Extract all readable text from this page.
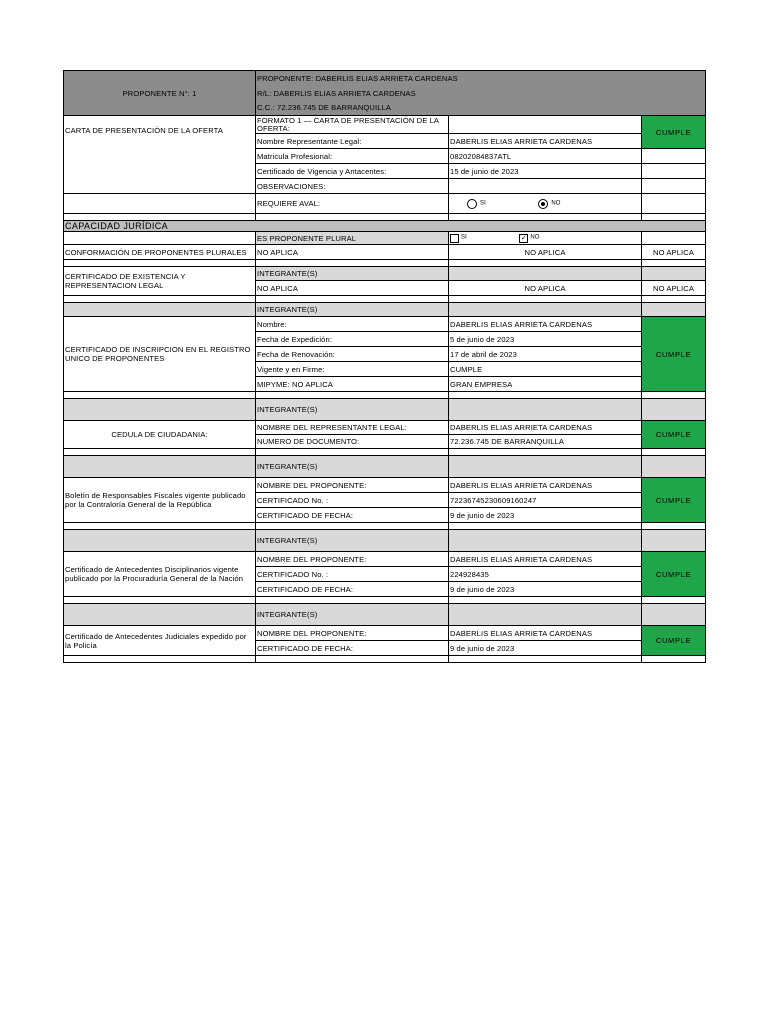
PROPONENTE N°: 1	PROPONENTE: DABERLIS ELIAS ARRIETA CARDENAS		
	R/L: DABERLIS ELIAS ARRIETA CARDENAS		
	C.C.: 72.236.745 DE BARRANQUILLA		
CARTA DE PRESENTACIÓN DE LA OFERTA	FORMATO 1 — CARTA DE PRESENTACIÓN DE LA OFERTA:		CUMPLE
	Nombre Representante Legal:	DABERLIS ELIAS ARRIETA CARDENAS	
	Matricula Profesional:	08202084837ATL	
	Certificado de Vigencia y Antacentes:	15 de junio de 2023	
	OBSERVACIONES:		
	REQUIERE AVAL:	SI NO	

CAPACIDAD JURÍDICA			
	ES PROPONENTE PLURAL	SI ✓ NO	
CONFORMACIÓN DE PROPONENTES PLURALES	NO APLICA	NO APLICA	NO APLICA

CERTIFICADO DE EXISTENCIA Y REPRESENTACION LEGAL	INTEGRANTE(S)		
	NO APLICA	NO APLICA	NO APLICA

	INTEGRANTE(S)		
CERTIFICADO DE INSCRIPCION EN EL REGISTRO UNICO DE PROPONENTES	Nombre:	DABERLIS ELIAS ARRIETA CARDENAS	CUMPLE
	Fecha de Expedición:	5 de junio de 2023	
	Fecha de Renovación:	17 de abril de 2023	
	Vigente y en Firme:	CUMPLE	
	MIPYME: NO APLICA	GRAN EMPRESA	

	INTEGRANTE(S)		
CEDULA DE CIUDADANIA:	NOMBRE DEL REPRESENTANTE LEGAL:	DABERLIS ELIAS ARRIETA CARDENAS	CUMPLE
	NUMERO DE DOCUMENTO:	72.236.745 DE BARRANQUILLA	

	INTEGRANTE(S)		
Boletín de Responsables Fiscales vigente publicado por la Contraloría General de la República	NOMBRE DEL PROPONENTE:	DABERLIS ELIAS ARRIETA CARDENAS	CUMPLE
	CERTIFICADO No. :	72236745230609160247	
	CERTIFICADO DE FECHA:	9 de junio de 2023	

	INTEGRANTE(S)		
Certificado de Antecedentes Disciplinarios vigente publicado por la Procuraduría General de la Nación	NOMBRE DEL PROPONENTE:	DABERLIS ELIAS ARRIETA CARDENAS	CUMPLE
	CERTIFICADO No. :	224928435	
	CERTIFICADO DE FECHA:	9 de junio de 2023	

	INTEGRANTE(S)		
Certificado de Antecedentes Judiciales expedido por la Policía	NOMBRE DEL PROPONENTE:	DABERLIS ELIAS ARRIETA CARDENAS	CUMPLE
	CERTIFICADO DE FECHA:	9 de junio de 2023	
